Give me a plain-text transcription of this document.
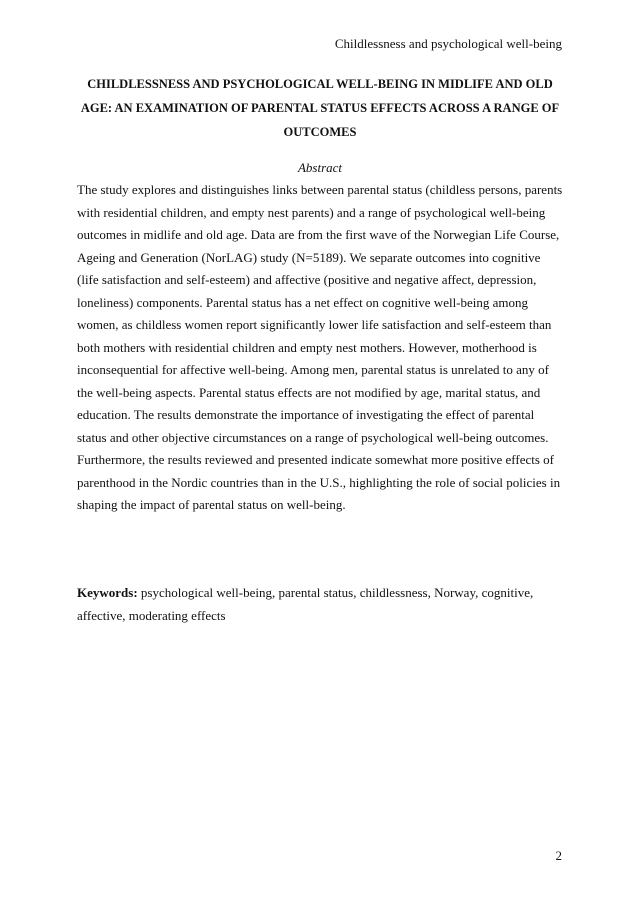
Childlessness and psychological well-being
CHILDLESSNESS AND PSYCHOLOGICAL WELL-BEING IN MIDLIFE AND OLD AGE: AN EXAMINATION OF PARENTAL STATUS EFFECTS ACROSS A RANGE OF OUTCOMES
Abstract

The study explores and distinguishes links between parental status (childless persons, parents with residential children, and empty nest parents) and a range of psychological well-being outcomes in midlife and old age. Data are from the first wave of the Norwegian Life Course, Ageing and Generation (NorLAG) study (N=5189). We separate outcomes into cognitive (life satisfaction and self-esteem) and affective (positive and negative affect, depression, loneliness) components. Parental status has a net effect on cognitive well-being among women, as childless women report significantly lower life satisfaction and self-esteem than both mothers with residential children and empty nest mothers. However, motherhood is inconsequential for affective well-being. Among men, parental status is unrelated to any of the well-being aspects. Parental status effects are not modified by age, marital status, and education. The results demonstrate the importance of investigating the effect of parental status and other objective circumstances on a range of psychological well-being outcomes. Furthermore, the results reviewed and presented indicate somewhat more positive effects of parenthood in the Nordic countries than in the U.S., highlighting the role of social policies in shaping the impact of parental status on well-being.

Keywords: psychological well-being, parental status, childlessness, Norway, cognitive, affective, moderating effects

2
